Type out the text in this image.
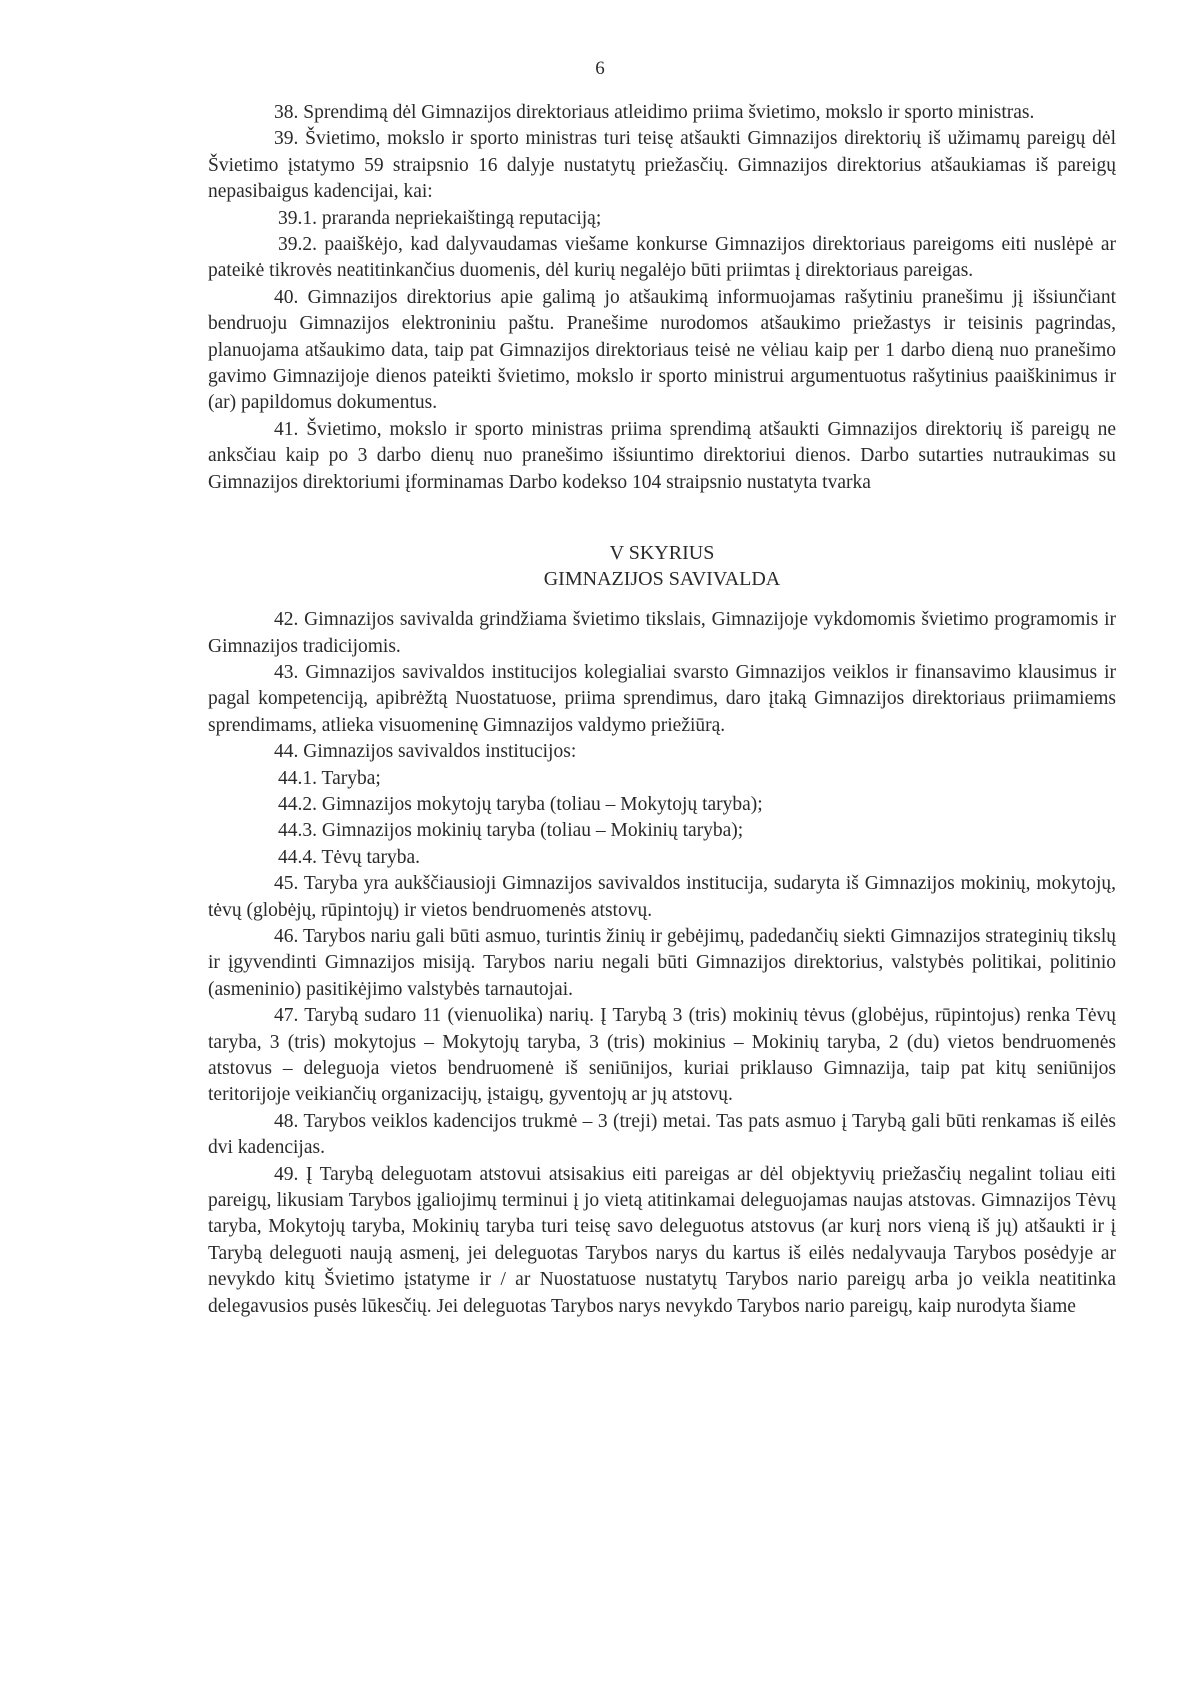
6

38. Sprendimą dėl Gimnazijos direktoriaus atleidimo priima švietimo, mokslo ir sporto ministras.

39. Švietimo, mokslo ir sporto ministras turi teisę atšaukti Gimnazijos direktorių iš užimamų pareigų dėl Švietimo įstatymo 59 straipsnio 16 dalyje nustatytų priežasčių. Gimnazijos direktorius atšaukiamas iš pareigų nepasibaigus kadencijai, kai:

39.1. praranda nepriekaištingą reputaciją;

39.2. paaiškėjo, kad dalyvaudamas viešame konkurse Gimnazijos direktoriaus pareigoms eiti nuslėpė ar pateikė tikrovės neatitinkančius duomenis, dėl kurių negalėjo būti priimtas į direktoriaus pareigas.

40. Gimnazijos direktorius apie galimą jo atšaukimą informuojamas rašytiniu pranešimu jį išsiunčiant bendruoju Gimnazijos elektroniniu paštu. Pranešime nurodomos atšaukimo priežastys ir teisinis pagrindas, planuojama atšaukimo data, taip pat Gimnazijos direktoriaus teisė ne vėliau kaip per 1 darbo dieną nuo pranešimo gavimo Gimnazijoje dienos pateikti švietimo, mokslo ir sporto ministrui argumentuotus rašytinius paaiškinimus ir (ar) papildomus dokumentus.

41. Švietimo, mokslo ir sporto ministras priima sprendimą atšaukti Gimnazijos direktorių iš pareigų ne anksčiau kaip po 3 darbo dienų nuo pranešimo išsiuntimo direktoriui dienos. Darbo sutarties nutraukimas su Gimnazijos direktoriumi įforminamas Darbo kodekso 104 straipsnio nustatyta tvarka

V SKYRIUS
GIMNAZIJOS SAVIVALDA

42. Gimnazijos savivalda grindžiama švietimo tikslais, Gimnazijoje vykdomomis švietimo programomis ir Gimnazijos tradicijomis.

43. Gimnazijos savivaldos institucijos kolegialiai svarsto Gimnazijos veiklos ir finansavimo klausimus ir pagal kompetenciją, apibrėžtą Nuostatuose, priima sprendimus, daro įtaką Gimnazijos direktoriaus priimamiems sprendimams, atlieka visuomeninę Gimnazijos valdymo priežiūrą.

44. Gimnazijos savivaldos institucijos:

44.1. Taryba;

44.2. Gimnazijos mokytojų taryba (toliau – Mokytojų taryba);

44.3. Gimnazijos mokinių taryba (toliau – Mokinių taryba);

44.4. Tėvų taryba.

45. Taryba yra aukščiausioji Gimnazijos savivaldos institucija, sudaryta iš Gimnazijos mokinių, mokytojų, tėvų (globėjų, rūpintojų) ir vietos bendruomenės atstovų.

46. Tarybos nariu gali būti asmuo, turintis žinių ir gebėjimų, padedančių siekti Gimnazijos strateginių tikslų ir įgyvendinti Gimnazijos misiją. Tarybos nariu negali būti Gimnazijos direktorius, valstybės politikai, politinio (asmeninio) pasitikėjimo valstybės tarnautojai.

47. Tarybą sudaro 11 (vienuolika) narių. Į Tarybą 3 (tris) mokinių tėvus (globėjus, rūpintojus) renka Tėvų taryba, 3 (tris) mokytojus – Mokytojų taryba, 3 (tris) mokinius – Mokinių taryba, 2 (du) vietos bendruomenės atstovus – deleguoja vietos bendruomenė iš seniūnijos, kuriai priklauso Gimnazija, taip pat kitų seniūnijos teritorijoje veikiančių organizacijų, įstaigų, gyventojų ar jų atstovų.

48. Tarybos veiklos kadencijos trukmė – 3 (treji) metai. Tas pats asmuo į Tarybą gali būti renkamas iš eilės dvi kadencijas.

49. Į Tarybą deleguotam atstovui atsisakius eiti pareigas ar dėl objektyvių priežasčių negalint toliau eiti pareigų, likusiam Tarybos įgaliojimų terminui į jo vietą atitinkamai deleguojamas naujas atstovas. Gimnazijos Tėvų taryba, Mokytojų taryba, Mokinių taryba turi teisę savo deleguotus atstovus (ar kurį nors vieną iš jų) atšaukti ir į Tarybą deleguoti naują asmenį, jei deleguotas Tarybos narys du kartus iš eilės nedalyvauja Tarybos posėdyje ar nevykdo kitų Švietimo įstatyme ir / ar Nuostatuose nustatytų Tarybos nario pareigų arba jo veikla neatitinka delegavusios pusės lūkesčių. Jei deleguotas Tarybos narys nevykdo Tarybos nario pareigų, kaip nurodyta šiame
